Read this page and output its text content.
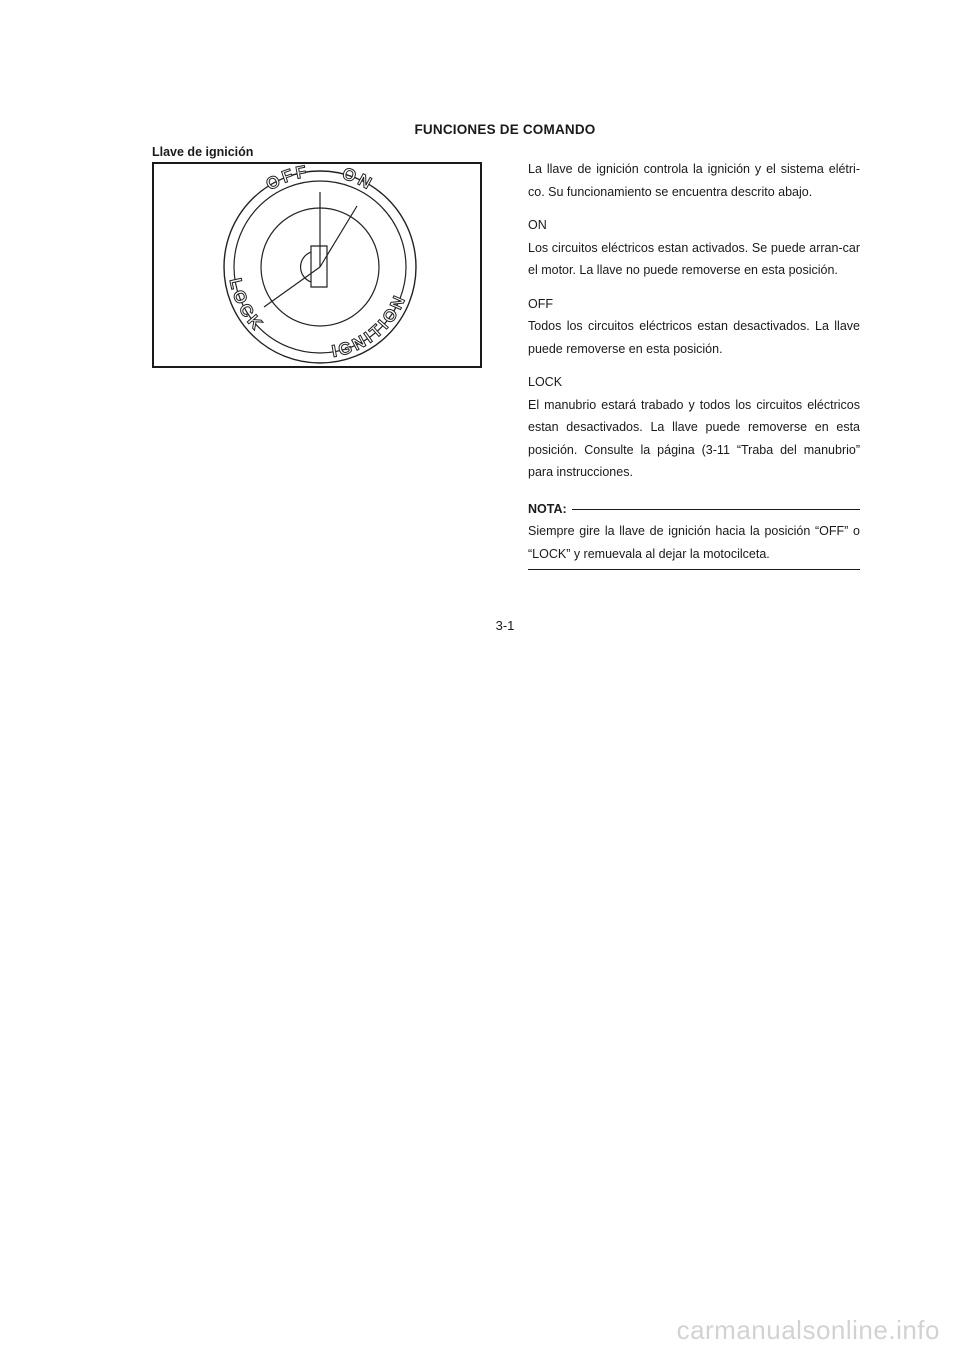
FUNCIONES DE COMANDO
Llave de ignición
OFF ON
LOCK
IGNITION

La llave de ignición controla la ignición y el sistema elétri-co. Su funcionamiento se encuentra descrito abajo.

ON

Los circuitos eléctricos estan activados. Se puede arran-car el motor. La llave no puede removerse en esta posición.

OFF

Todos los circuitos eléctricos estan desactivados. La llave puede removerse en esta posición.

LOCK

El manubrio estará trabado y todos los circuitos eléctricos estan desactivados. La llave puede removerse en esta posición. Consulte la página (3-11 “Traba del manubrio” para instrucciones.

NOTA:

Siempre gire la llave de ignición hacia la posición “OFF” o “LOCK” y remuevala al dejar la motocilceta.

3-1
carmanualsonline.info
